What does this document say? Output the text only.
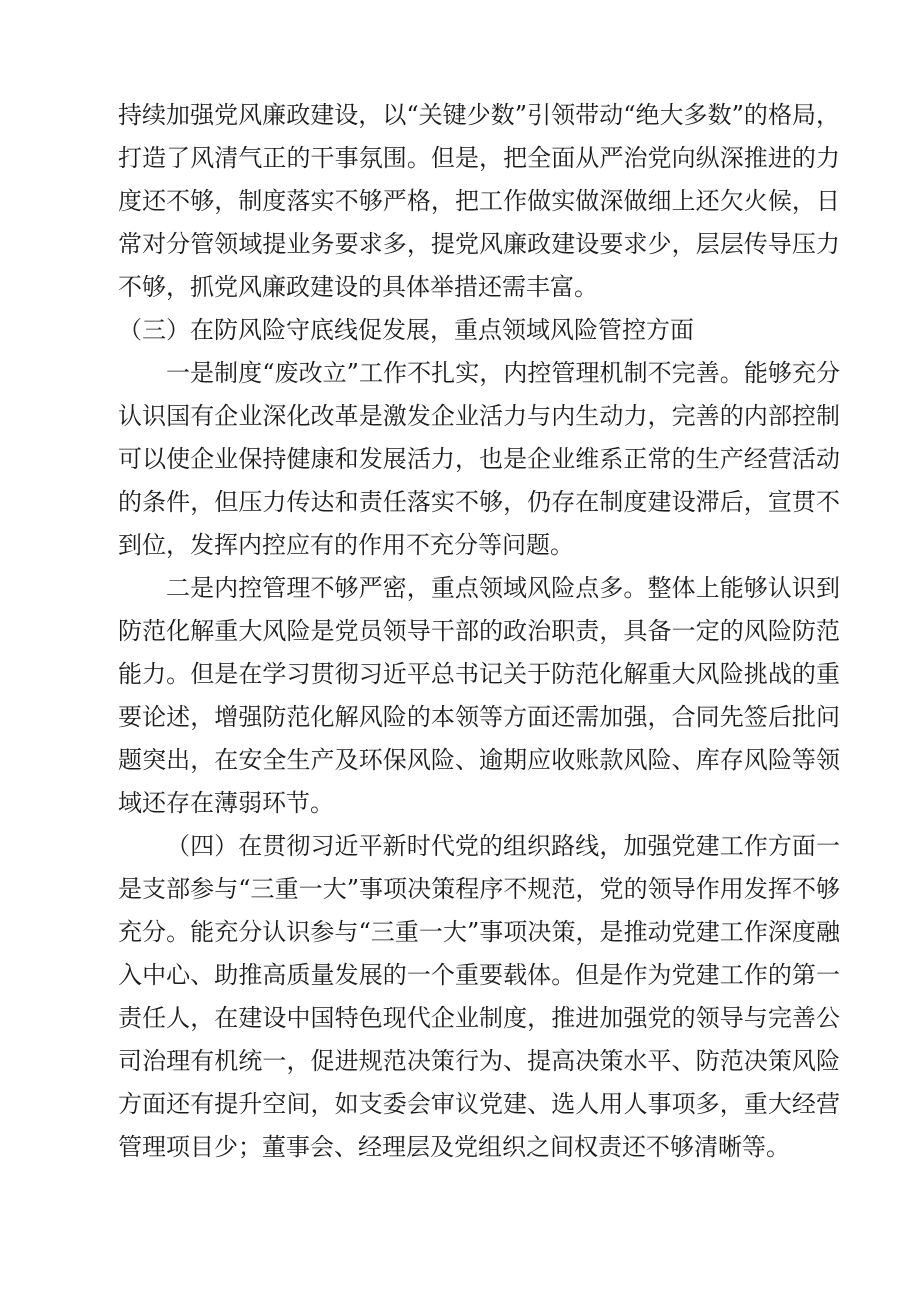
持续加强党风廉政建设，以“关键少数”引领带动“绝大多数”的格局，打造了风清气正的干事氛围。但是，把全面从严治党向纵深推进的力度还不够，制度落实不够严格，把工作做实做深做细上还欠火候，日常对分管领域提业务要求多，提党风廉政建设要求少，层层传导压力不够，抓党风廉政建设的具体举措还需丰富。

（三）在防风险守底线促发展，重点领域风险管控方面

一是制度“废改立”工作不扎实，内控管理机制不完善。能够充分认识国有企业深化改革是激发企业活力与内生动力，完善的内部控制可以使企业保持健康和发展活力，也是企业维系正常的生产经营活动的条件，但压力传达和责任落实不够，仍存在制度建设滞后，宣贯不到位，发挥内控应有的作用不充分等问题。

二是内控管理不够严密，重点领域风险点多。整体上能够认识到防范化解重大风险是党员领导干部的政治职责，具备一定的风险防范能力。但是在学习贯彻习近平总书记关于防范化解重大风险挑战的重要论述，增强防范化解风险的本领等方面还需加强，合同先签后批问题突出，在安全生产及环保风险、逾期应收账款风险、库存风险等领域还存在薄弱环节。

（四）在贯彻习近平新时代党的组织路线，加强党建工作方面一是支部参与“三重一大”事项决策程序不规范，党的领导作用发挥不够充分。能充分认识参与“三重一大”事项决策，是推动党建工作深度融入中心、助推高质量发展的一个重要载体。但是作为党建工作的第一责任人，在建设中国特色现代企业制度，推进加强党的领导与完善公司治理有机统一，促进规范决策行为、提高决策水平、防范决策风险方面还有提升空间，如支委会审议党建、选人用人事项多，重大经营管理项目少；董事会、经理层及党组织之间权责还不够清晰等。
